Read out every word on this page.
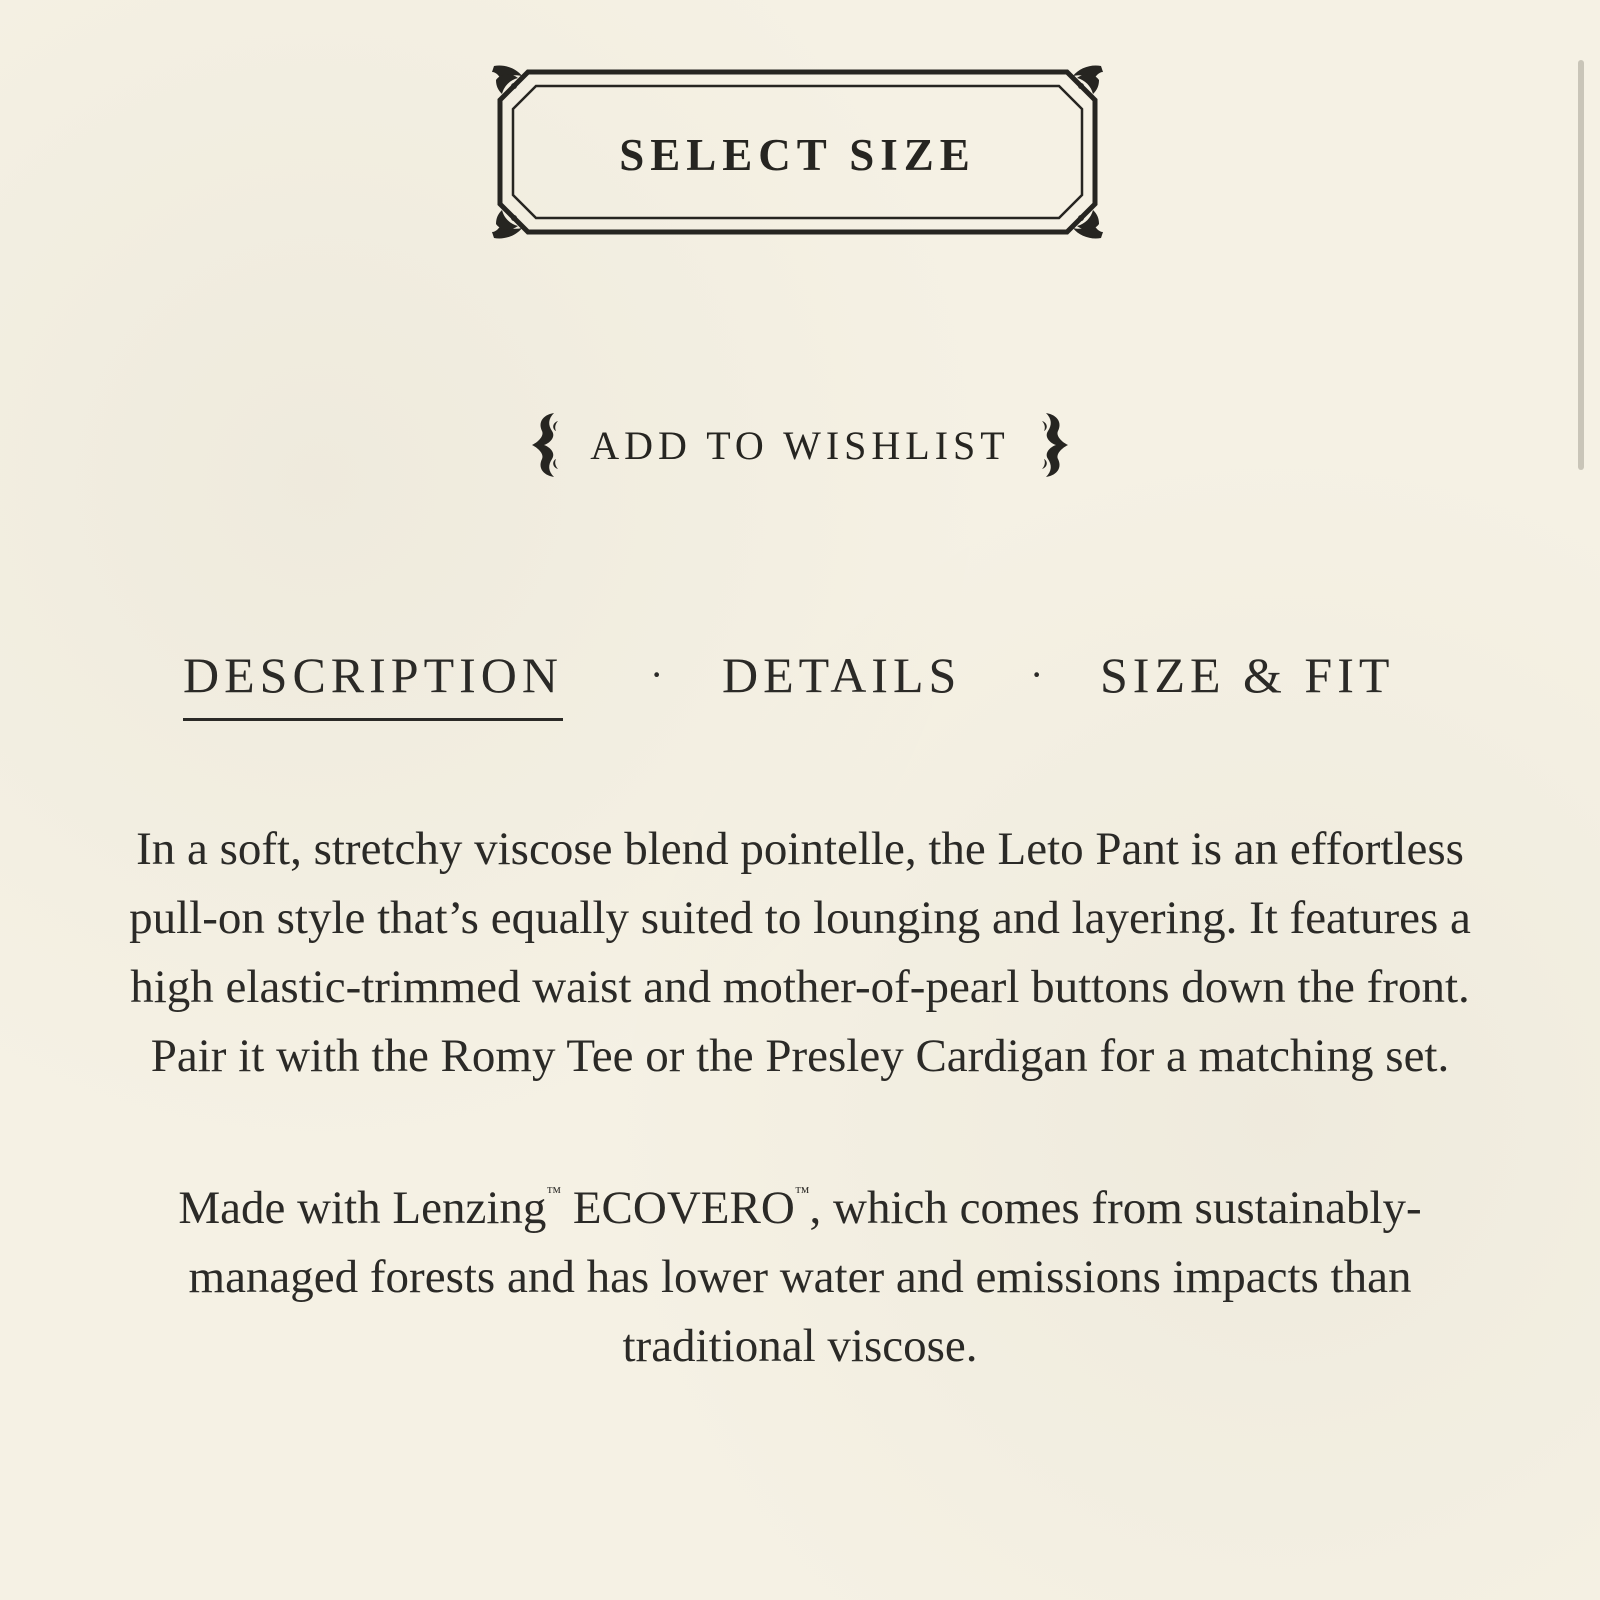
SELECT SIZE
ADD TO WISHLIST
DESCRIPTION · DETAILS · SIZE & FIT

In a soft, stretchy viscose blend pointelle, the Leto Pant is an effortless pull-on style that’s equally suited to lounging and layering. It features a high elastic-trimmed waist and mother-of-pearl buttons down the front. Pair it with the Romy Tee or the Presley Cardigan for a matching set.

Made with Lenzing™ ECOVERO™, which comes from sustainably-managed forests and has lower water and emissions impacts than traditional viscose.
